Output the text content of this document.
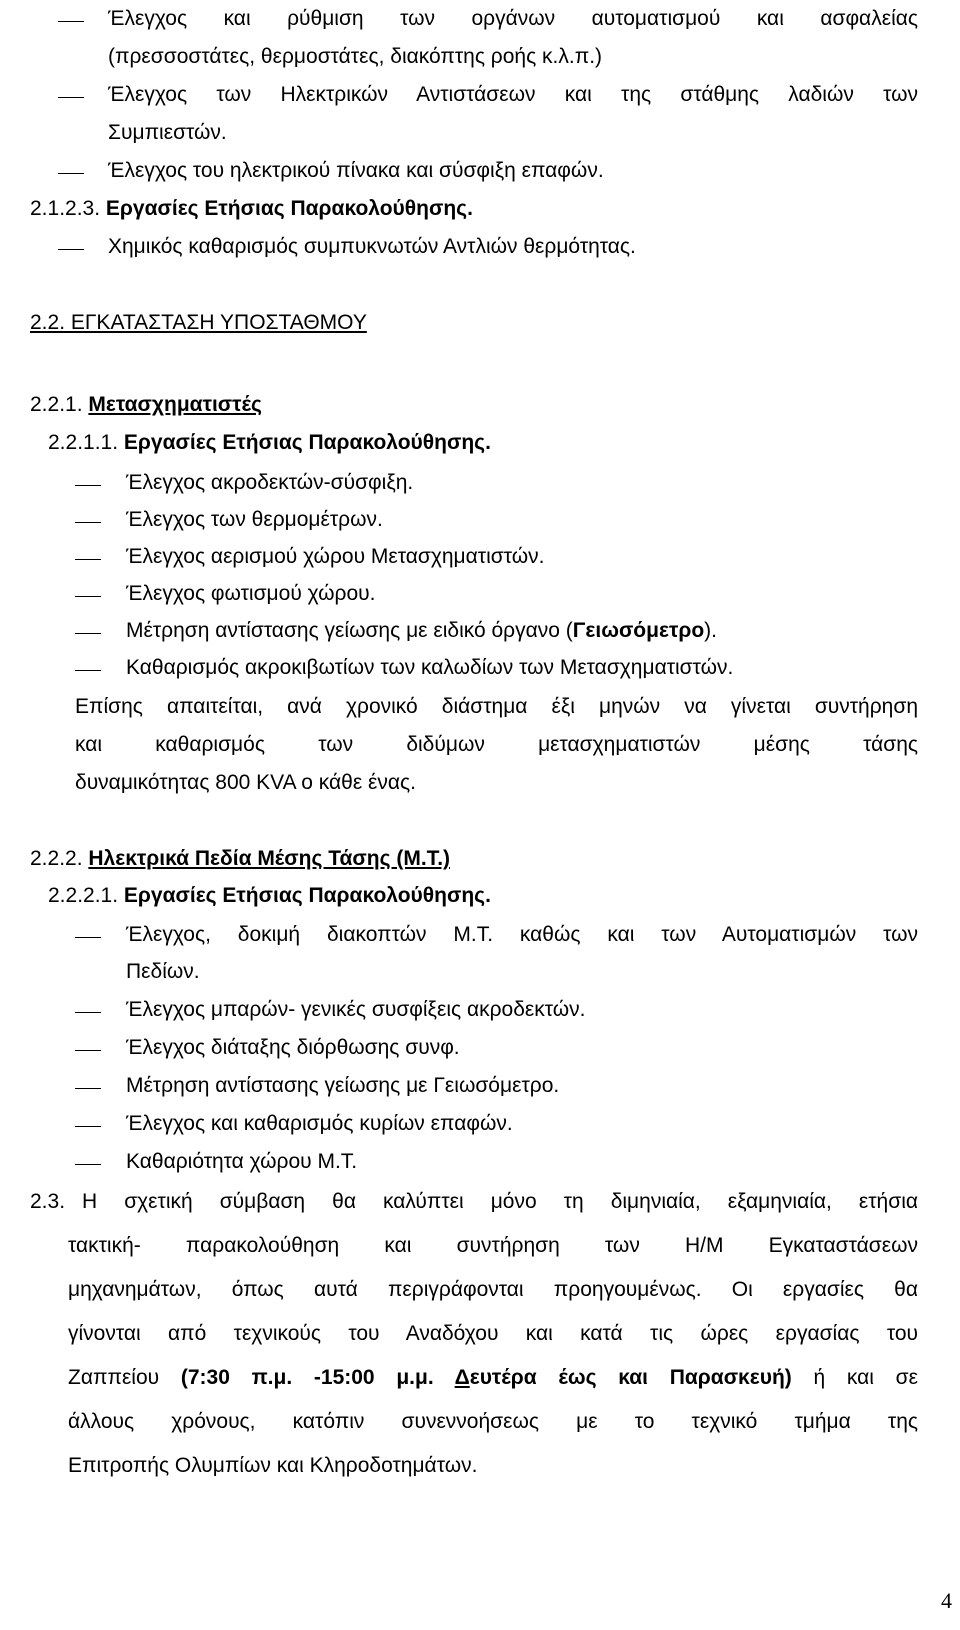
Έλεγχος και ρύθμιση των οργάνων αυτοματισμού και ασφαλείας
(πρεσσοστάτες, θερμοστάτες, διακόπτης ροής κ.λ.π.)
Έλεγχος των Ηλεκτρικών Αντιστάσεων και της στάθμης λαδιών των
Συμπιεστών.
Έλεγχος του ηλεκτρικού πίνακα και σύσφιξη επαφών.
2.1.2.3. Εργασίες Ετήσιας Παρακολούθησης.
Χημικός καθαρισμός συμπυκνωτών Αντλιών θερμότητας.
2.2. ΕΓΚΑΤΑΣΤΑΣΗ ΥΠΟΣΤΑΘΜΟΥ
2.2.1. Μετασχηματιστές
2.2.1.1. Εργασίες Ετήσιας Παρακολούθησης.
Έλεγχος ακροδεκτών-σύσφιξη.
Έλεγχος των θερμομέτρων.
Έλεγχος αερισμού χώρου Μετασχηματιστών.
Έλεγχος φωτισμού χώρου.
Μέτρηση αντίστασης γείωσης με ειδικό όργανο (Γειωσόμετρο).
Καθαρισμός ακροκιβωτίων των καλωδίων των Μετασχηματιστών.
Επίσης απαιτείται, ανά χρονικό διάστημα έξι μηνών να γίνεται συντήρηση
και καθαρισμός των διδύμων μετασχηματιστών μέσης τάσης
δυναμικότητας 800 KVA ο κάθε ένας.
2.2.2. Ηλεκτρικά Πεδία Μέσης Τάσης (Μ.Τ.)
2.2.2.1. Εργασίες Ετήσιας Παρακολούθησης.
Έλεγχος, δοκιμή διακοπτών Μ.Τ. καθώς και των Αυτοματισμών των
Πεδίων.
Έλεγχος μπαρών- γενικές συσφίξεις ακροδεκτών.
Έλεγχος διάταξης διόρθωσης συνφ.
Μέτρηση αντίστασης γείωσης με Γειωσόμετρο.
Έλεγχος και καθαρισμός κυρίων επαφών.
Καθαριότητα χώρου Μ.Τ.
2.3. Η σχετική σύμβαση θα καλύπτει μόνο τη διμηνιαία, εξαμηνιαία, ετήσια
τακτική- παρακολούθηση και συντήρηση των Η/Μ Εγκαταστάσεων
μηχανημάτων, όπως αυτά περιγράφονται προηγουμένως. Οι εργασίες θα
γίνονται από τεχνικούς του Αναδόχου και κατά τις ώρες εργασίας του
Ζαππείου (7:30 π.μ. -15:00 μ.μ. Δευτέρα έως και Παρασκευή) ή και σε
άλλους χρόνους, κατόπιν συνεννοήσεως με το τεχνικό τμήμα της
Επιτροπής Ολυμπίων και Κληροδοτημάτων.
4
